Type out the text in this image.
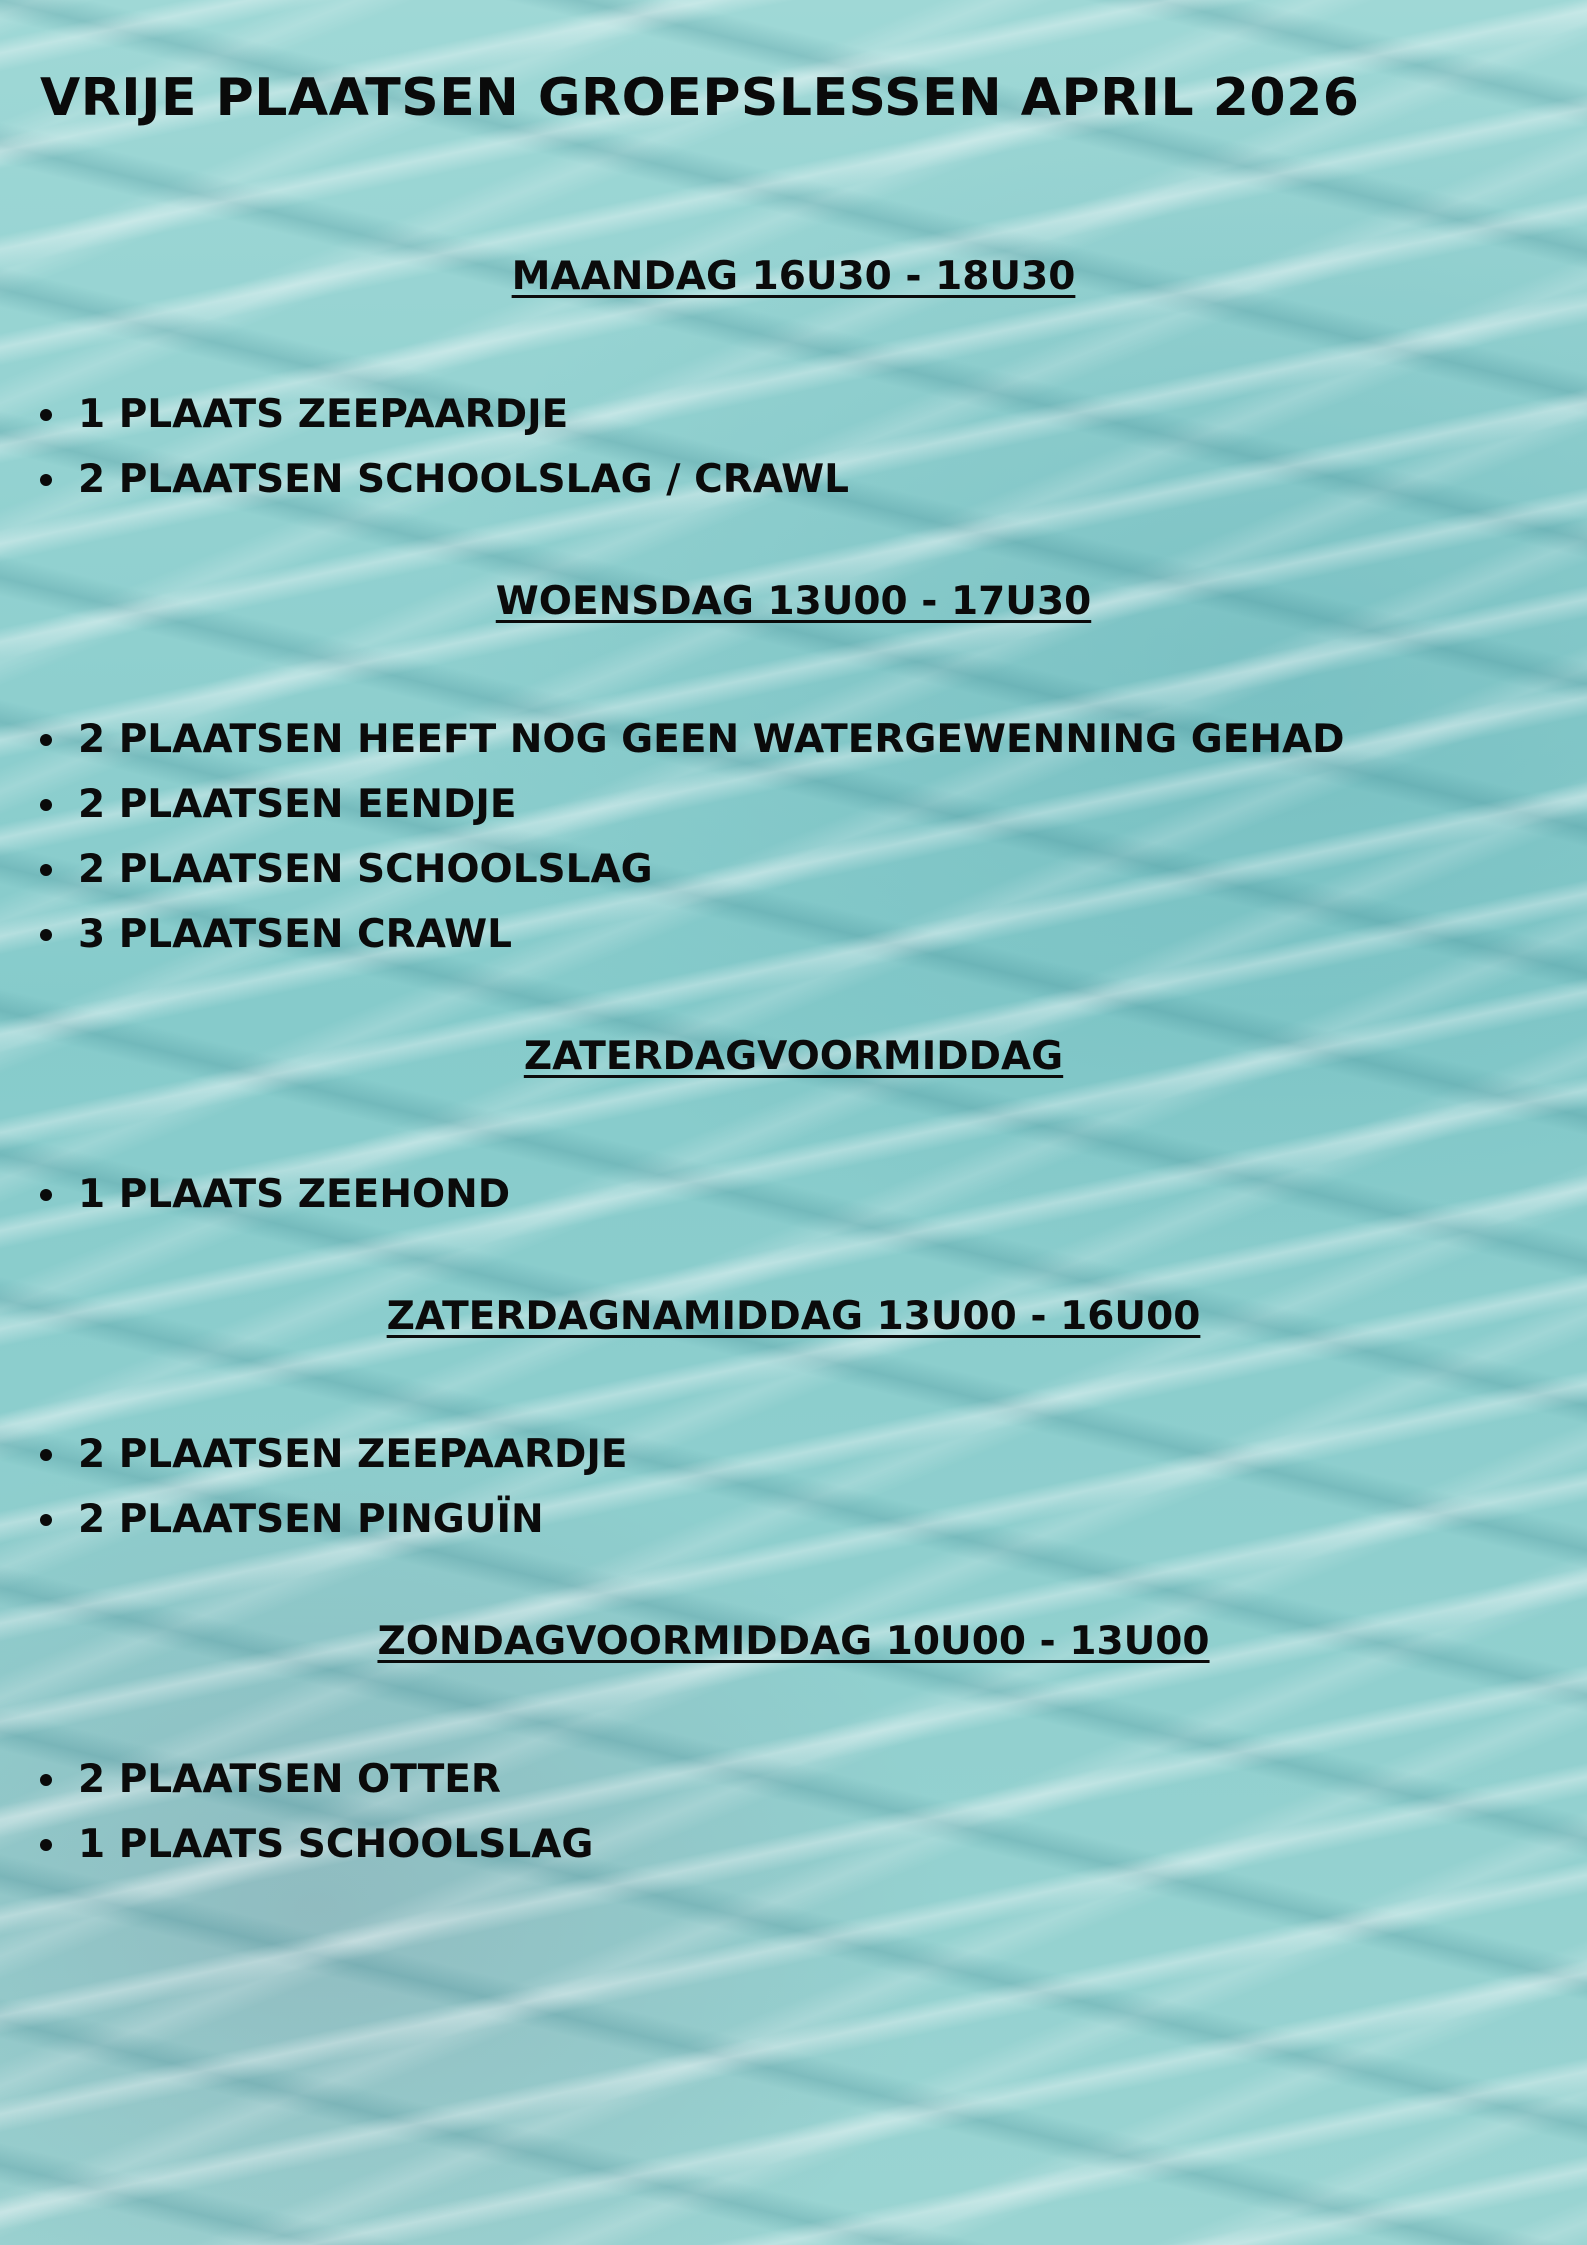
VRIJE PLAATSEN GROEPSLESSEN APRIL 2026
MAANDAG 16U30 - 18U30
1 PLAATS ZEEPAARDJE
2 PLAATSEN SCHOOLSLAG / CRAWL
WOENSDAG 13U00 - 17U30
2 PLAATSEN HEEFT NOG GEEN WATERGEWENNING GEHAD
2 PLAATSEN EENDJE
2 PLAATSEN SCHOOLSLAG
3 PLAATSEN CRAWL
ZATERDAGVOORMIDDAG
1 PLAATS ZEEHOND
ZATERDAGNAMIDDAG 13U00 - 16U00
2 PLAATSEN ZEEPAARDJE
2 PLAATSEN PINGUÏN
ZONDAGVOORMIDDAG 10U00 - 13U00
2 PLAATSEN OTTER
1 PLAATS SCHOOLSLAG
